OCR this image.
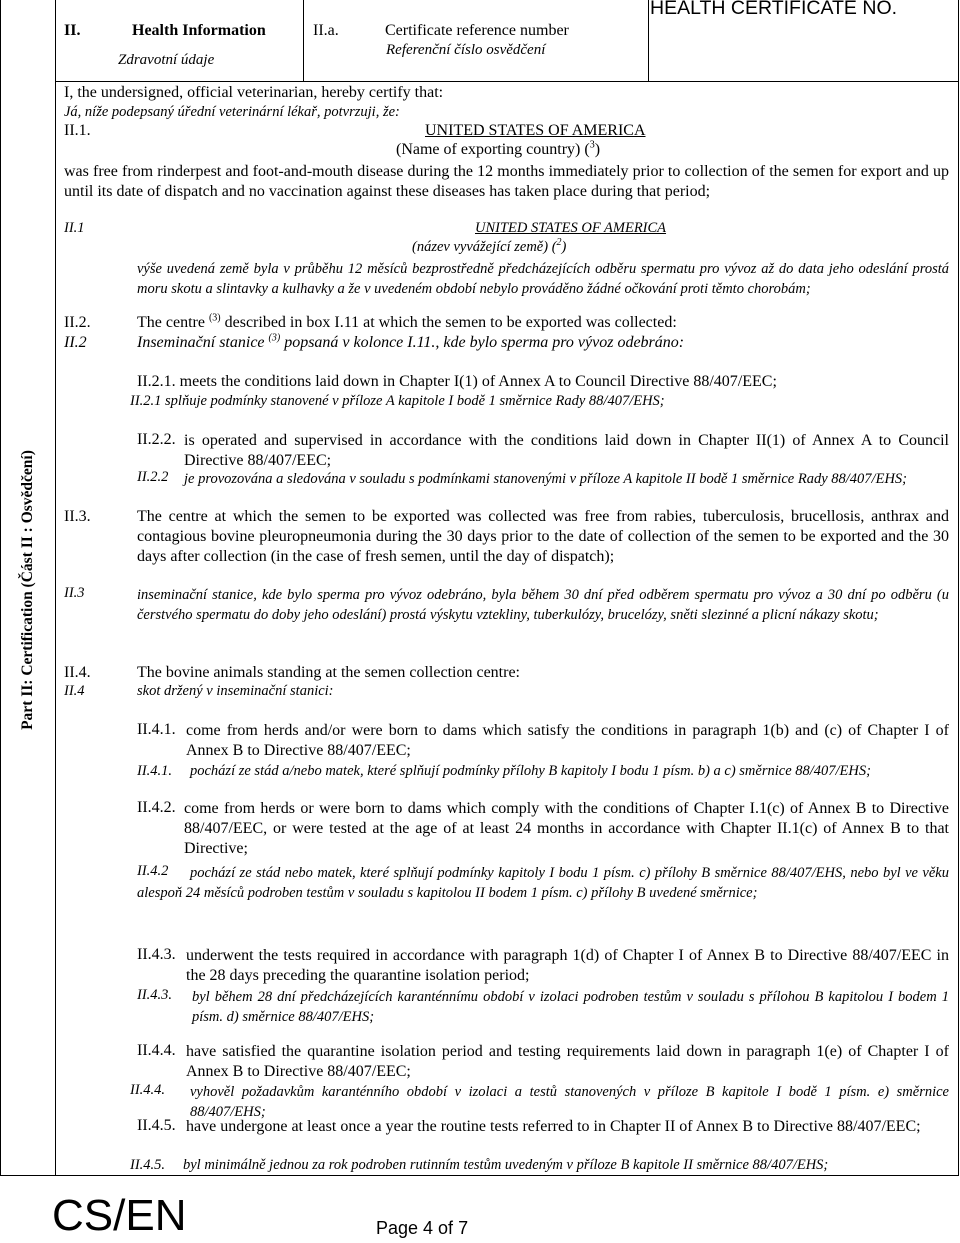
II.	Health Information
Zdravotní údaje
II.a.	Certificate reference number
Referenční číslo osvědčení
HEALTH CERTIFICATE NO.
Part II: Certification (Část II : Osvědčení)
I, the undersigned, official veterinarian, hereby certify that:
Já, níže podepsaný úřední veterinární lékař, potvrzuji, že:
II.1.	UNITED STATES OF AMERICA
(Name of exporting country) ($^3$)
was free from rinderpest and foot-and-mouth disease during the 12 months immediately prior to collection of the semen for export and up until its date of dispatch and no vaccination against these diseases has taken place during that period;
II.1	UNITED STATES OF AMERICA
(název vyvážející země) ($^2$)
výše uvedená země byla v průběhu 12 měsíců bezprostředně předcházejících odběru spermatu pro vývoz až do data jeho odeslání prostá moru skotu a slintavky a kulhavky a že v uvedeném období nebylo prováděno žádné očkování proti těmto chorobám;
II.2.	The centre $^{(3)}$ described in box I.11 at which the semen to be exported was collected:
II.2	Inseminační stanice $^{(3)}$ popsaná v kolonce I.11., kde bylo sperma pro vývoz odebráno:
II.2.1. meets the conditions laid down in Chapter I(1) of Annex A to Council Directive 88/407/EEC;
II.2.1 splňuje podmínky stanovené v příloze A kapitole I bodě 1 směrnice Rady 88/407/EHS;
II.2.2. is operated and supervised in accordance with the conditions laid down in Chapter II(1) of Annex A to Council Directive 88/407/EEC;
II.2.2 je provozována a sledována v souladu s podmínkami stanovenými v příloze A kapitole II bodě 1 směrnice Rady 88/407/EHS;
II.3.	The centre at which the semen to be exported was collected was free from rabies, tuberculosis, brucellosis, anthrax and contagious bovine pleuropneumonia during the 30 days prior to the date of collection of the semen to be exported and the 30 days after collection (in the case of fresh semen, until the day of dispatch);
II.3	inseminační stanice, kde bylo sperma pro vývoz odebráno, byla během 30 dní před odběrem spermatu pro vývoz a 30 dní po odběru (u čerstvého spermatu do doby jeho odeslání) prostá výskytu vztekliny, tuberkulózy, brucelózy, sněti slezinné a plicní nákazy skotu;
II.4.	The bovine animals standing at the semen collection centre:
II.4	skot držený v inseminační stanici:
II.4.1. come from herds and/or were born to dams which satisfy the conditions in paragraph 1(b) and (c) of Chapter I of Annex B to Directive 88/407/EEC;
II.4.1. pochází ze stád a/nebo matek, které splňují podmínky přílohy B kapitoly I bodu 1 písm. b) a c) směrnice 88/407/EHS;
II.4.2. come from herds or were born to dams which comply with the conditions of Chapter I.1(c) of Annex B to Directive 88/407/EEC, or were tested at the age of at least 24 months in accordance with Chapter II.1(c) of Annex B to that Directive;
II.4.2	pochází ze stád nebo matek, které splňují podmínky kapitoly I bodu 1 písm. c) přílohy B směrnice 88/407/EHS, nebo byl ve věku alespoň 24 měsíců podroben testům v souladu s kapitolou II bodem 1 písm. c) přílohy B uvedené směrnice;
II.4.3. underwent the tests required in accordance with paragraph 1(d) of Chapter I of Annex B to Directive 88/407/EEC in the 28 days preceding the quarantine isolation period;
II.4.3. byl během 28 dní předcházejících karanténnímu období v izolaci podroben testům v souladu s přílohou B kapitolou I bodem 1 písm. d) směrnice 88/407/EHS;
II.4.4. have satisfied the quarantine isolation period and testing requirements laid down in paragraph 1(e) of Chapter I of Annex B to Directive 88/407/EEC;
II.4.4. vyhověl požadavkům karanténního období v izolaci a testů stanovených v příloze B kapitole I bodě 1 písm. e) směrnice 88/407/EHS;
II.4.5. have undergone at least once a year the routine tests referred to in Chapter II of Annex B to Directive 88/407/EEC;
II.4.5. byl minimálně jednou za rok podroben rutinním testům uvedeným v příloze B kapitole II směrnice 88/407/EHS;
CS/EN	Page 4 of 7
